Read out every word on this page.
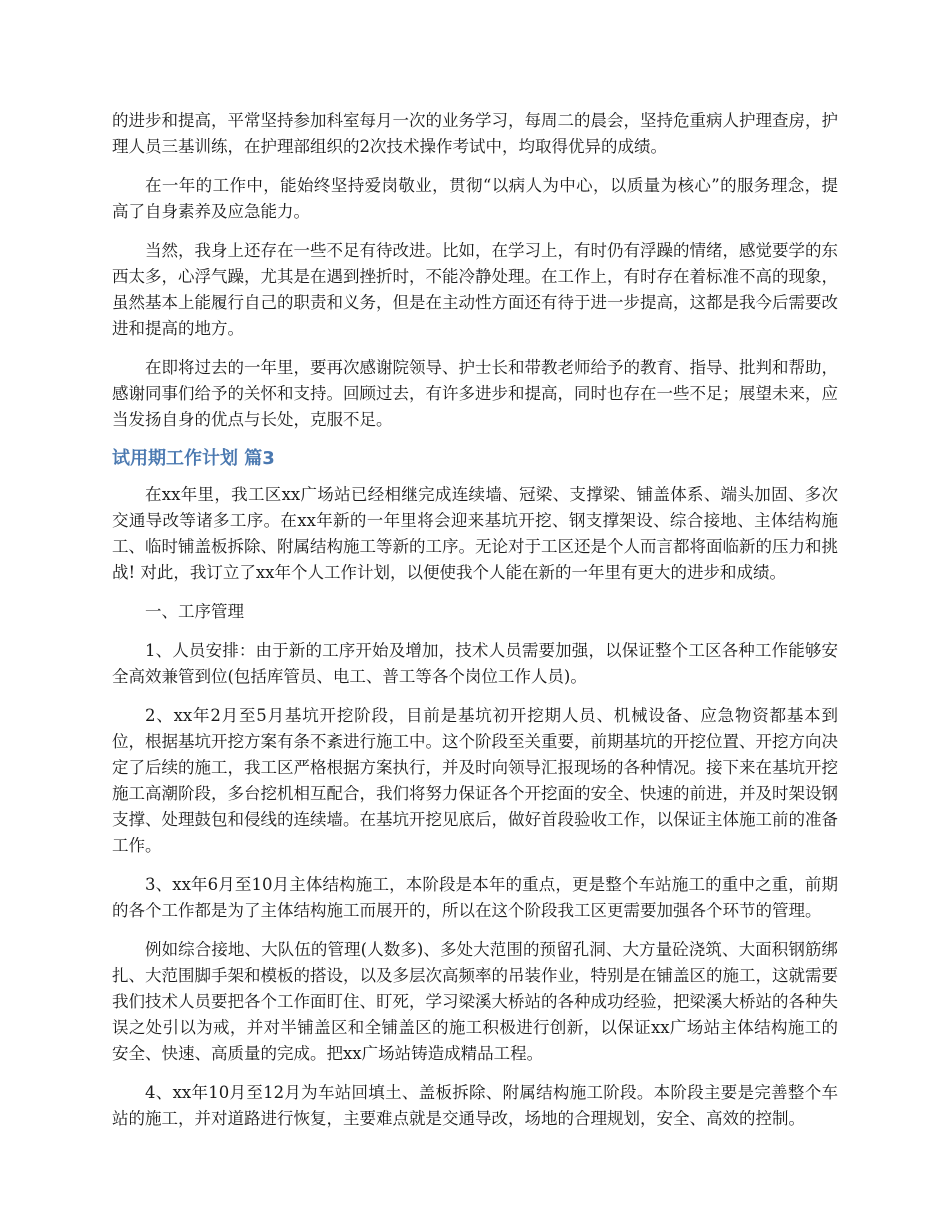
的进步和提高，平常坚持参加科室每月一次的业务学习，每周二的晨会，坚持危重病人护理查房，护理人员三基训练，在护理部组织的2次技术操作考试中，均取得优异的成绩。

在一年的工作中，能始终坚持爱岗敬业，贯彻“以病人为中心，以质量为核心”的服务理念，提高了自身素养及应急能力。

当然，我身上还存在一些不足有待改进。比如，在学习上，有时仍有浮躁的情绪，感觉要学的东西太多，心浮气躁，尤其是在遇到挫折时，不能冷静处理。在工作上，有时存在着标准不高的现象，虽然基本上能履行自己的职责和义务，但是在主动性方面还有待于进一步提高，这都是我今后需要改进和提高的地方。

在即将过去的一年里，要再次感谢院领导、护士长和带教老师给予的教育、指导、批判和帮助，感谢同事们给予的关怀和支持。回顾过去，有许多进步和提高，同时也存在一些不足；展望未来，应当发扬自身的优点与长处，克服不足。

试用期工作计划 篇3

在xx年里，我工区xx广场站已经相继完成连续墙、冠梁、支撑梁、铺盖体系、端头加固、多次交通导改等诸多工序。在xx年新的一年里将会迎来基坑开挖、钢支撑架设、综合接地、主体结构施工、临时铺盖板拆除、附属结构施工等新的工序。无论对于工区还是个人而言都将面临新的压力和挑战! 对此，我订立了xx年个人工作计划，以便使我个人能在新的一年里有更大的进步和成绩。

一、工序管理

1、人员安排：由于新的工序开始及增加，技术人员需要加强，以保证整个工区各种工作能够安全高效兼管到位(包括库管员、电工、普工等各个岗位工作人员)。

2、xx年2月至5月基坑开挖阶段，目前是基坑初开挖期人员、机械设备、应急物资都基本到位，根据基坑开挖方案有条不紊进行施工中。这个阶段至关重要，前期基坑的开挖位置、开挖方向决定了后续的施工，我工区严格根据方案执行，并及时向领导汇报现场的各种情况。接下来在基坑开挖施工高潮阶段，多台挖机相互配合，我们将努力保证各个开挖面的安全、快速的前进，并及时架设钢支撑、处理鼓包和侵线的连续墙。在基坑开挖见底后，做好首段验收工作，以保证主体施工前的准备工作。

3、xx年6月至10月主体结构施工，本阶段是本年的重点，更是整个车站施工的重中之重，前期的各个工作都是为了主体结构施工而展开的，所以在这个阶段我工区更需要加强各个环节的管理。

例如综合接地、大队伍的管理(人数多)、多处大范围的预留孔洞、大方量砼浇筑、大面积钢筋绑扎、大范围脚手架和模板的搭设，以及多层次高频率的吊装作业，特别是在铺盖区的施工，这就需要我们技术人员要把各个工作面盯住、盯死，学习梁溪大桥站的各种成功经验，把梁溪大桥站的各种失误之处引以为戒，并对半铺盖区和全铺盖区的施工积极进行创新，以保证xx广场站主体结构施工的安全、快速、高质量的完成。把xx广场站铸造成精品工程。

4、xx年10月至12月为车站回填土、盖板拆除、附属结构施工阶段。本阶段主要是完善整个车站的施工，并对道路进行恢复，主要难点就是交通导改，场地的合理规划，安全、高效的控制。
